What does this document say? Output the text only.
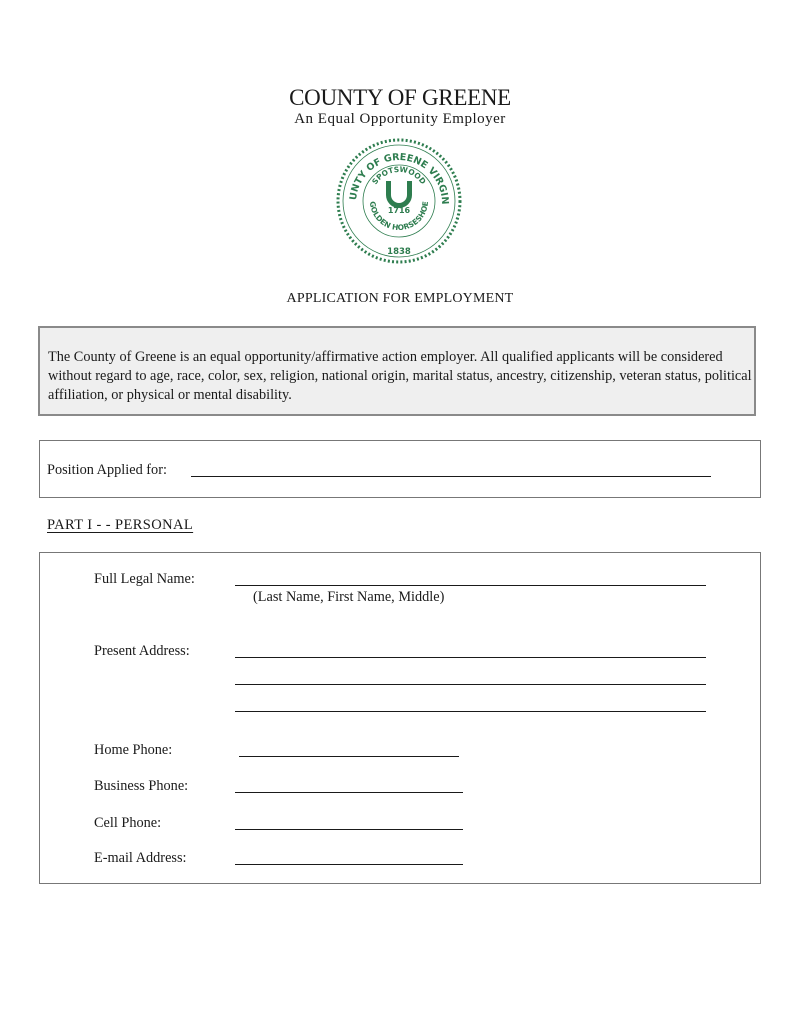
COUNTY OF GREENE
An Equal Opportunity Employer
UNTY OF GREENE VIRGIN
SPOTSWOOD
GOLDEN HORSESHOE
1716
1838
APPLICATION FOR EMPLOYMENT
The County of Greene is an equal opportunity/affirmative action employer. All qualified applicants will be considered without regard to age, race, color, sex, religion, national origin, marital status, ancestry, citizenship, veteran status, political affiliation, or physical or mental disability.
Position Applied for:
PART I - - PERSONAL
Full Legal Name:
(Last Name, First Name, Middle)
Present Address:
Home Phone:
Business Phone:
Cell Phone:
E-mail Address:
